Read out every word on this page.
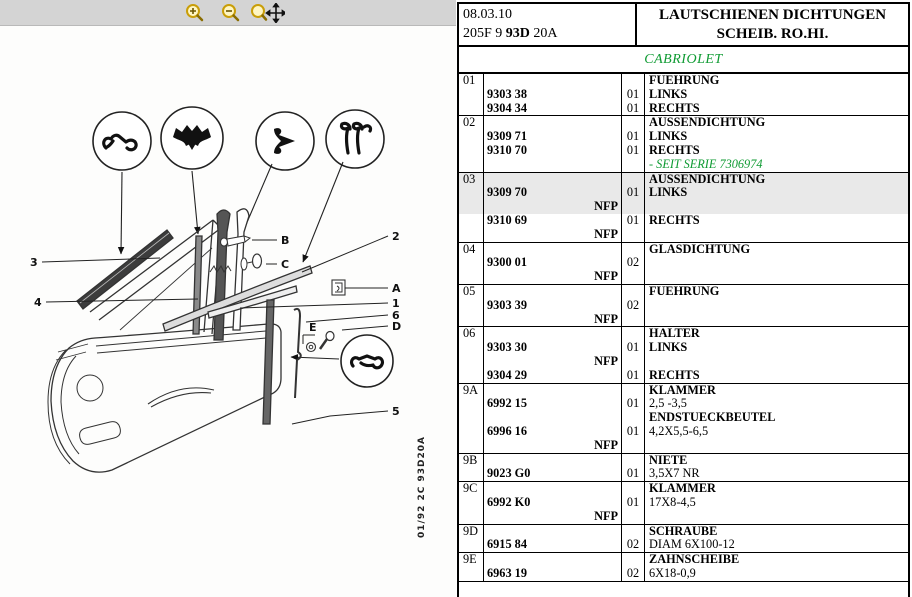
3
4
B
C
2
A
1
6
D
E
5
01/92 2C 93D20A
08.03.10
205F 9 93D 20A
LAUTSCHIENEN DICHTUNGEN
SCHEIB. RO.HI.
CABRIOLET
01	FUEHRUNG
9303 38	01 LINKS
9304 34	01 RECHTS
02	AUSSENDICHTUNG
9309 71	01 LINKS
9310 70	01 RECHTS
- SEIT SERIE 7306974
03	AUSSENDICHTUNG
9309 70	01 LINKS
NFP
9310 69	01 RECHTS
NFP
04	GLASDICHTUNG
9300 01	02
NFP
05	FUEHRUNG
9303 39	02
NFP
06	HALTER
9303 30	01 LINKS
NFP
9304 29	01 RECHTS
9A	KLAMMER
6992 15	01 2,5 -3,5
ENDSTUECKBEUTEL
6996 16	01 4,2X5,5-6,5
NFP
9B	NIETE
9023 G0	01 3,5X7 NR
9C	KLAMMER
6992 K0	01 17X8-4,5
NFP
9D	SCHRAUBE
6915 84	02 DIAM 6X100-12
9E	ZAHNSCHEIBE
6963 19	02 6X18-0,9
